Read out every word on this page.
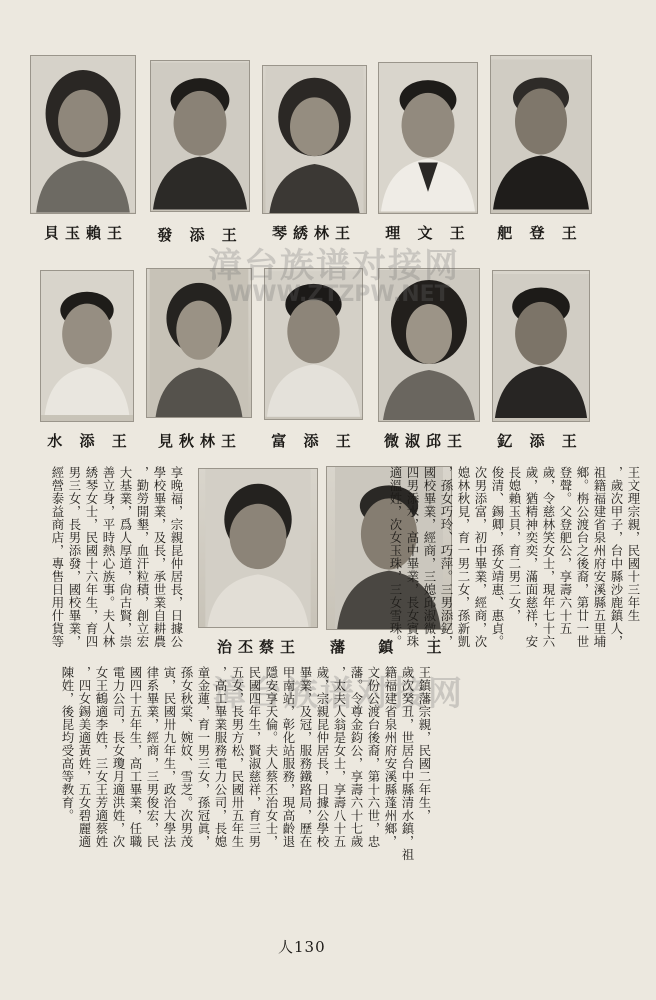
貝玉賴王	發 添 王	琴綉林王	理 文 王	舥 登 王
水 添 王	見秋林王	富 添 王	微淑邱王	釔 添 王
治丕蔡王	藩 鎮 王
漳台族谱对接网
WWW.ZTZPW.NET
漳台族谱对接网
王文理宗親，民國十三年生
，歲次甲子，台中縣沙鹿鎮人，
祖籍福建省泉州府安溪縣五里埔
鄉。栴公渡台之後裔，第廿一世
登聲。父登舥公，享壽六十五
歲，令慈林笑女士，現年七十六
歲，猶精神奕奕，滿面慈祥，安
長媳賴玉貝，育二男二女，
俊清、錫卿，孫女靖惠、惠貞。
次男添富，初中畢業，經商，次
媳林秋見，育一男二女，孫新凱
，孫女巧玲、巧萍。三男添釔，
國校畢業，經商，三媳邱淑微，
四男添水，高中畢業，長女賓珠
適溫姓，次女玉珠，三女雪珠。
享晚福，宗親昆仲居長，日據公
學校畢業，及長，承世業自耕農
，勤勞開墾，血汗粒積，創立宏
大基業，爲人厚道，尙古賢，崇
善立身，平時熱心族事。夫人林
綉琴女士，民國十六年生，育四
男三女，長男添發，國校畢業，
經營泰益商店，專售日用什貨等
王鎮藩宗親，民國二年生，
歲次癸丑，世居台中縣清水鎮，祖
籍福建省泉州府安溪縣蓬州鄉，
文份公渡台後裔，第十六世，忠
藩。令尊金鈞公，享壽六十七歲
，太夫人翁是女士，享壽八十五
歲，宗親昆仲居長，日據公學校
畢業，及冠，服務鐵路局，歷在
甲南站，彰化站服務，現高齡退
隱安享天倫。夫人蔡丕治女士，
民國四年生，賢淑慈祥，育三男
五女，長男方松，民國卅五年生
，高工畢業服務電力公司，長媳
童金蓮，育一男三女，孫冠眞，
孫女秋棠、婉妏、雪芝。次男茂
寅，民國卅九年生，政治大學法
律系畢業，經商，三男俊宏，民
國四十五年生，高工畢業，任職
電力公司，長女瓊月適洪姓，次
女王鶴適李姓，三女王芳適蔡姓
，四女錫美適黃姓，五女碧麗適
陳姓，後昆均受高等教育。
人130
